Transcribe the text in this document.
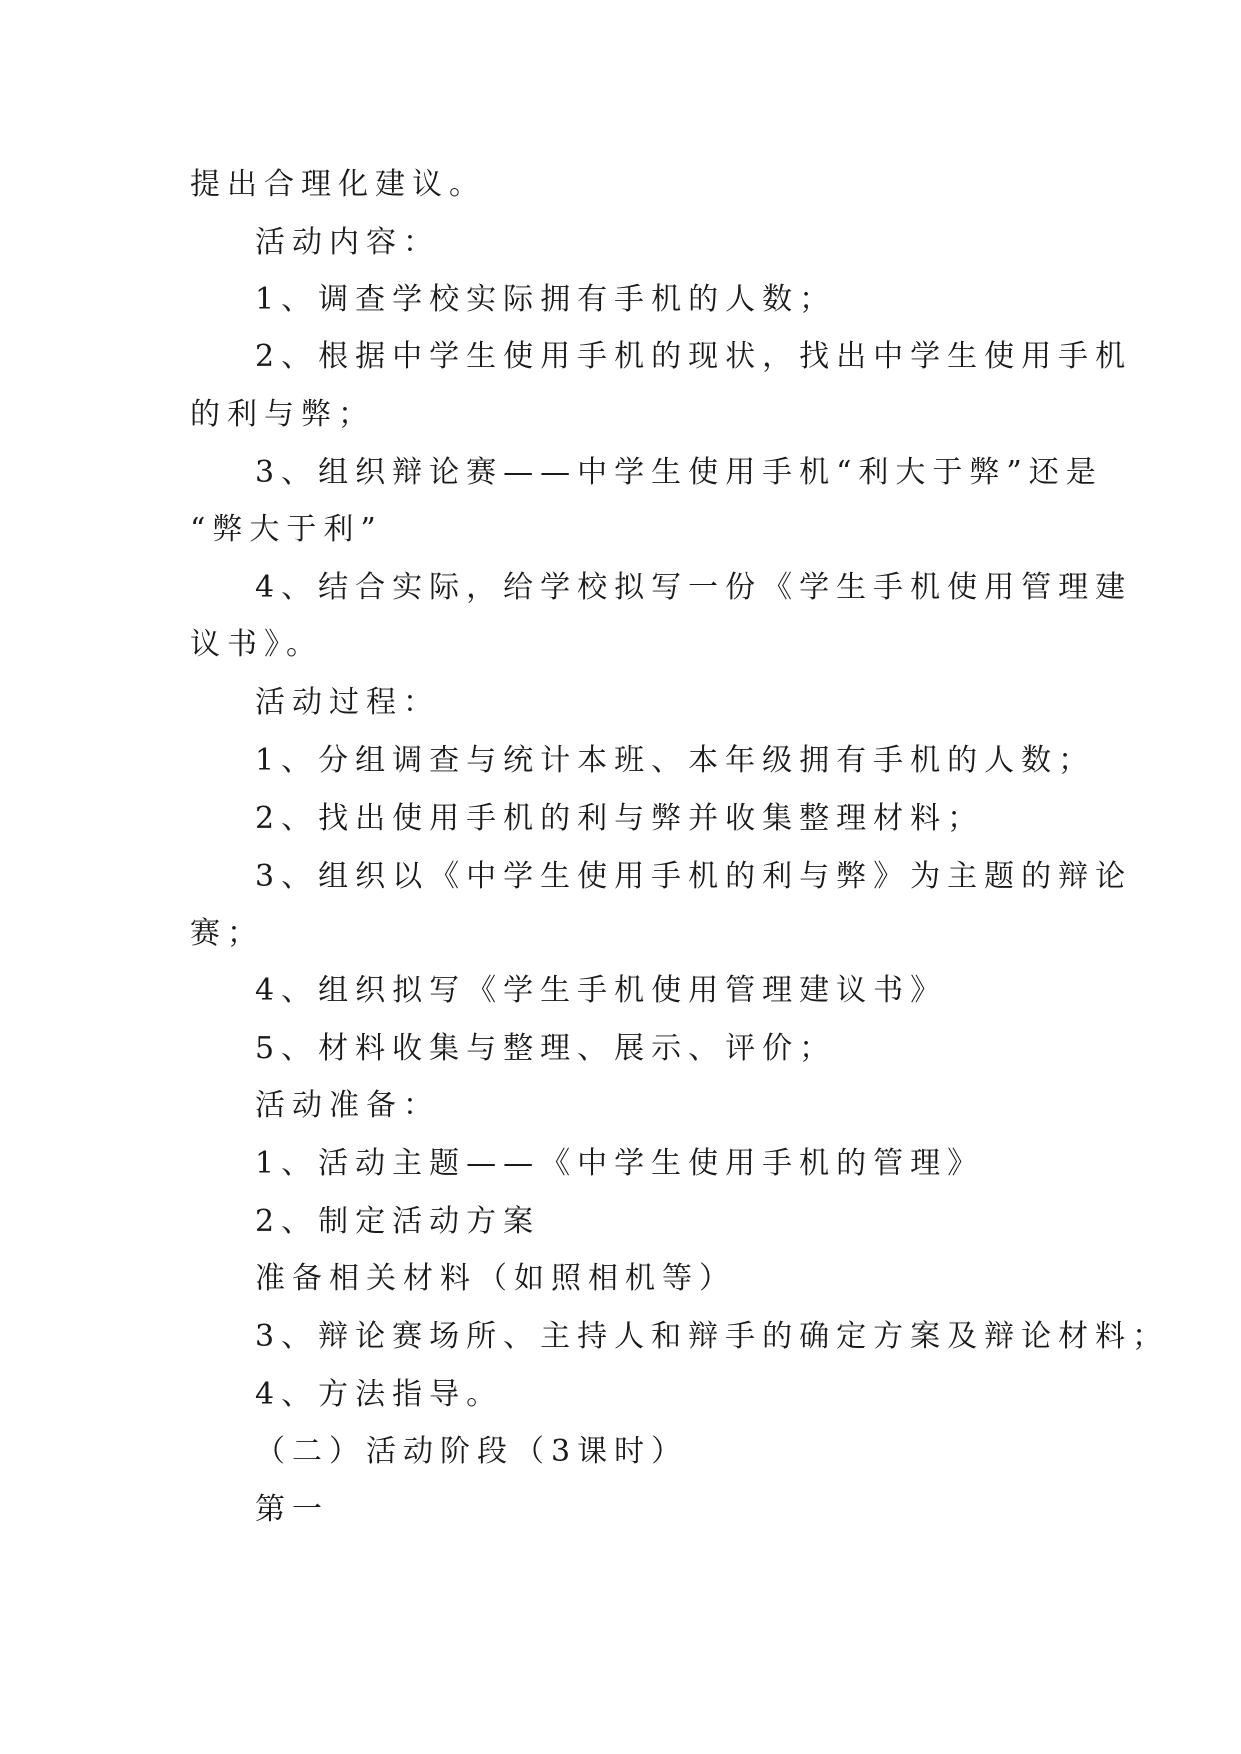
提出合理化建议。
活动内容：
1、调查学校实际拥有手机的人数；
2、根据中学生使用手机的现状，找出中学生使用手机
的利与弊；
3、组织辩论赛——中学生使用手机“利大于弊”还是
“弊大于利”
4、结合实际，给学校拟写一份《学生手机使用管理建
议书》。
活动过程：
1、分组调查与统计本班、本年级拥有手机的人数；
2、找出使用手机的利与弊并收集整理材料；
3、组织以《中学生使用手机的利与弊》为主题的辩论
赛；
4、组织拟写《学生手机使用管理建议书》
5、材料收集与整理、展示、评价；
活动准备：
1、活动主题——《中学生使用手机的管理》
2、制定活动方案
准备相关材料（如照相机等）
3、辩论赛场所、主持人和辩手的确定方案及辩论材料；
4、方法指导。
（二）活动阶段（3课时）
第一
